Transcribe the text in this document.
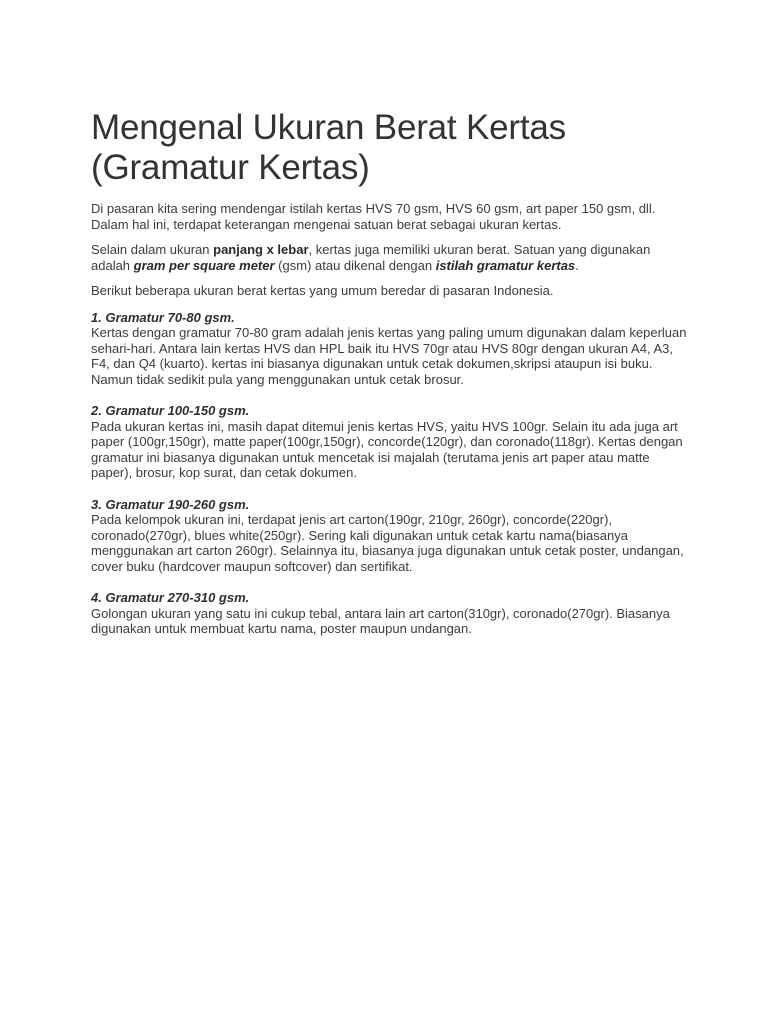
Mengenal Ukuran Berat Kertas
(Gramatur Kertas)

Di pasaran kita sering mendengar istilah kertas HVS 70 gsm, HVS 60 gsm, art paper 150 gsm, dll. Dalam hal ini, terdapat keterangan mengenai satuan berat sebagai ukuran kertas.

Selain dalam ukuran panjang x lebar, kertas juga memiliki ukuran berat. Satuan yang digunakan adalah gram per square meter (gsm) atau dikenal dengan istilah gramatur kertas.

Berikut beberapa ukuran berat kertas yang umum beredar di pasaran Indonesia.

1. Gramatur 70-80 gsm.
Kertas dengan gramatur 70-80 gram adalah jenis kertas yang paling umum digunakan dalam keperluan sehari-hari. Antara lain kertas HVS dan HPL baik itu HVS 70gr atau HVS 80gr dengan ukuran A4, A3, F4, dan Q4 (kuarto). kertas ini biasanya digunakan untuk cetak dokumen,skripsi ataupun isi buku. Namun tidak sedikit pula yang menggunakan untuk cetak brosur.
2. Gramatur 100-150 gsm.
Pada ukuran kertas ini, masih dapat ditemui jenis kertas HVS, yaitu HVS 100gr. Selain itu ada juga art paper (100gr,150gr), matte paper(100gr,150gr), concorde(120gr), dan coronado(118gr). Kertas dengan gramatur ini biasanya digunakan untuk mencetak isi majalah (terutama jenis art paper atau matte paper), brosur, kop surat, dan cetak dokumen.
3. Gramatur 190-260 gsm.
Pada kelompok ukuran ini, terdapat jenis art carton(190gr, 210gr, 260gr), concorde(220gr), coronado(270gr), blues white(250gr). Sering kali digunakan untuk cetak kartu nama(biasanya menggunakan art carton 260gr). Selainnya itu, biasanya juga digunakan untuk cetak poster, undangan, cover buku (hardcover maupun softcover) dan sertifikat.
4. Gramatur 270-310 gsm.
Golongan ukuran yang satu ini cukup tebal, antara lain art carton(310gr), coronado(270gr). Biasanya digunakan untuk membuat kartu nama, poster maupun undangan.
